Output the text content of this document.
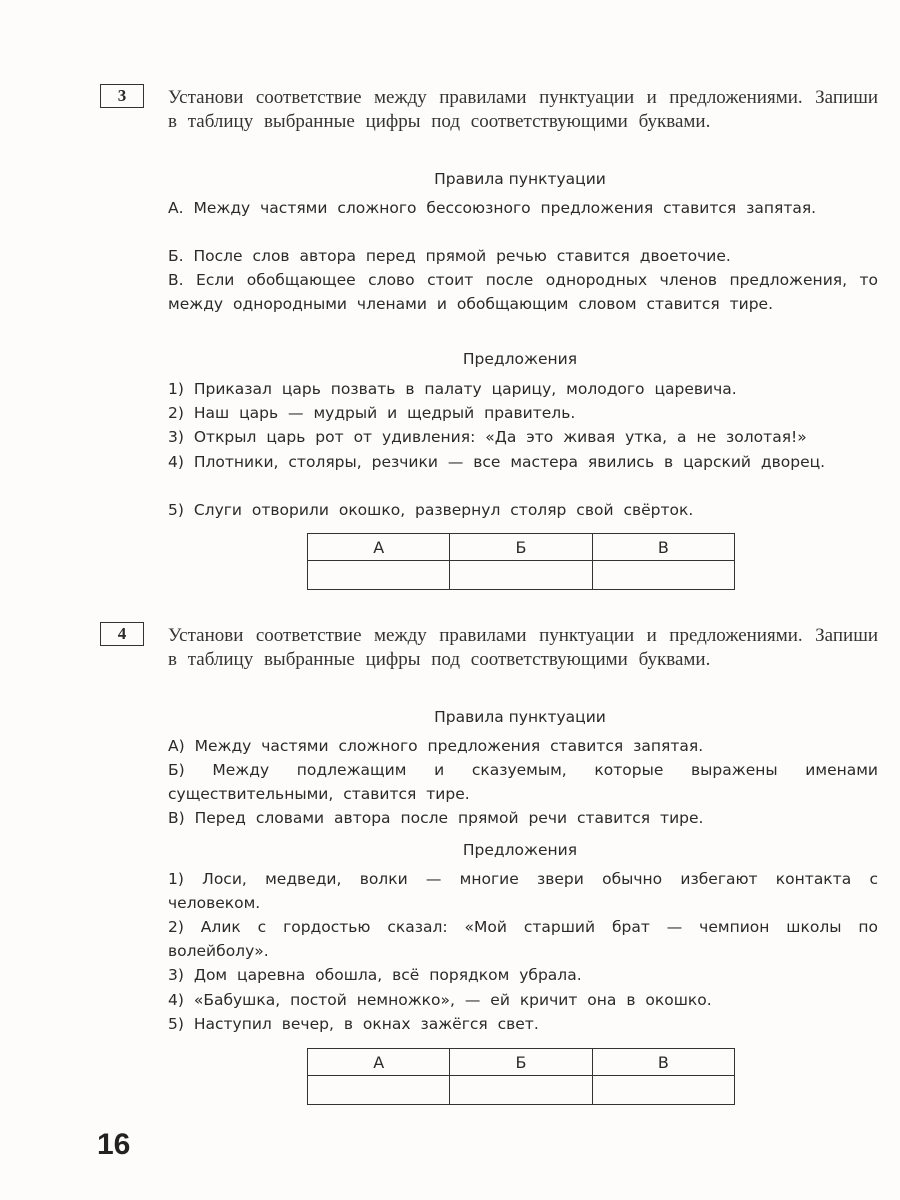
3	Установи соответствие между правилами пунктуации и предложениями. Запиши в таблицу выбранные цифры под соответствующими буквами.
Правила пунктуации
А. Между частями сложного бессоюзного предложения ставится запятая.
Б. После слов автора перед прямой речью ставится двоеточие.
В. Если обобщающее слово стоит после однородных членов предложения, то между однородными членами и обобщающим словом ставится тире.
Предложения
1) Приказал царь позвать в палату царицу, молодого царевича.
2) Наш царь — мудрый и щедрый правитель.
3) Открыл царь рот от удивления: «Да это живая утка, а не золотая!»
4) Плотники, столяры, резчики — все мастера явились в царский дворец.
5) Слуги отворили окошко, развернул столяр свой свёрток.
А	Б	В

4	Установи соответствие между правилами пунктуации и предложениями. Запиши в таблицу выбранные цифры под соответствующими буквами.
Правила пунктуации
А) Между частями сложного предложения ставится запятая.
Б) Между подлежащим и сказуемым, которые выражены именами существительными, ставится тире.
В) Перед словами автора после прямой речи ставится тире.
Предложения
1) Лоси, медведи, волки — многие звери обычно избегают контакта с человеком.
2) Алик с гордостью сказал: «Мой старший брат — чемпион школы по волейболу».
3) Дом царевна обошла, всё порядком убрала.
4) «Бабушка, постой немножко», — ей кричит она в окошко.
5) Наступил вечер, в окнах зажёгся свет.
А	Б	В

16
